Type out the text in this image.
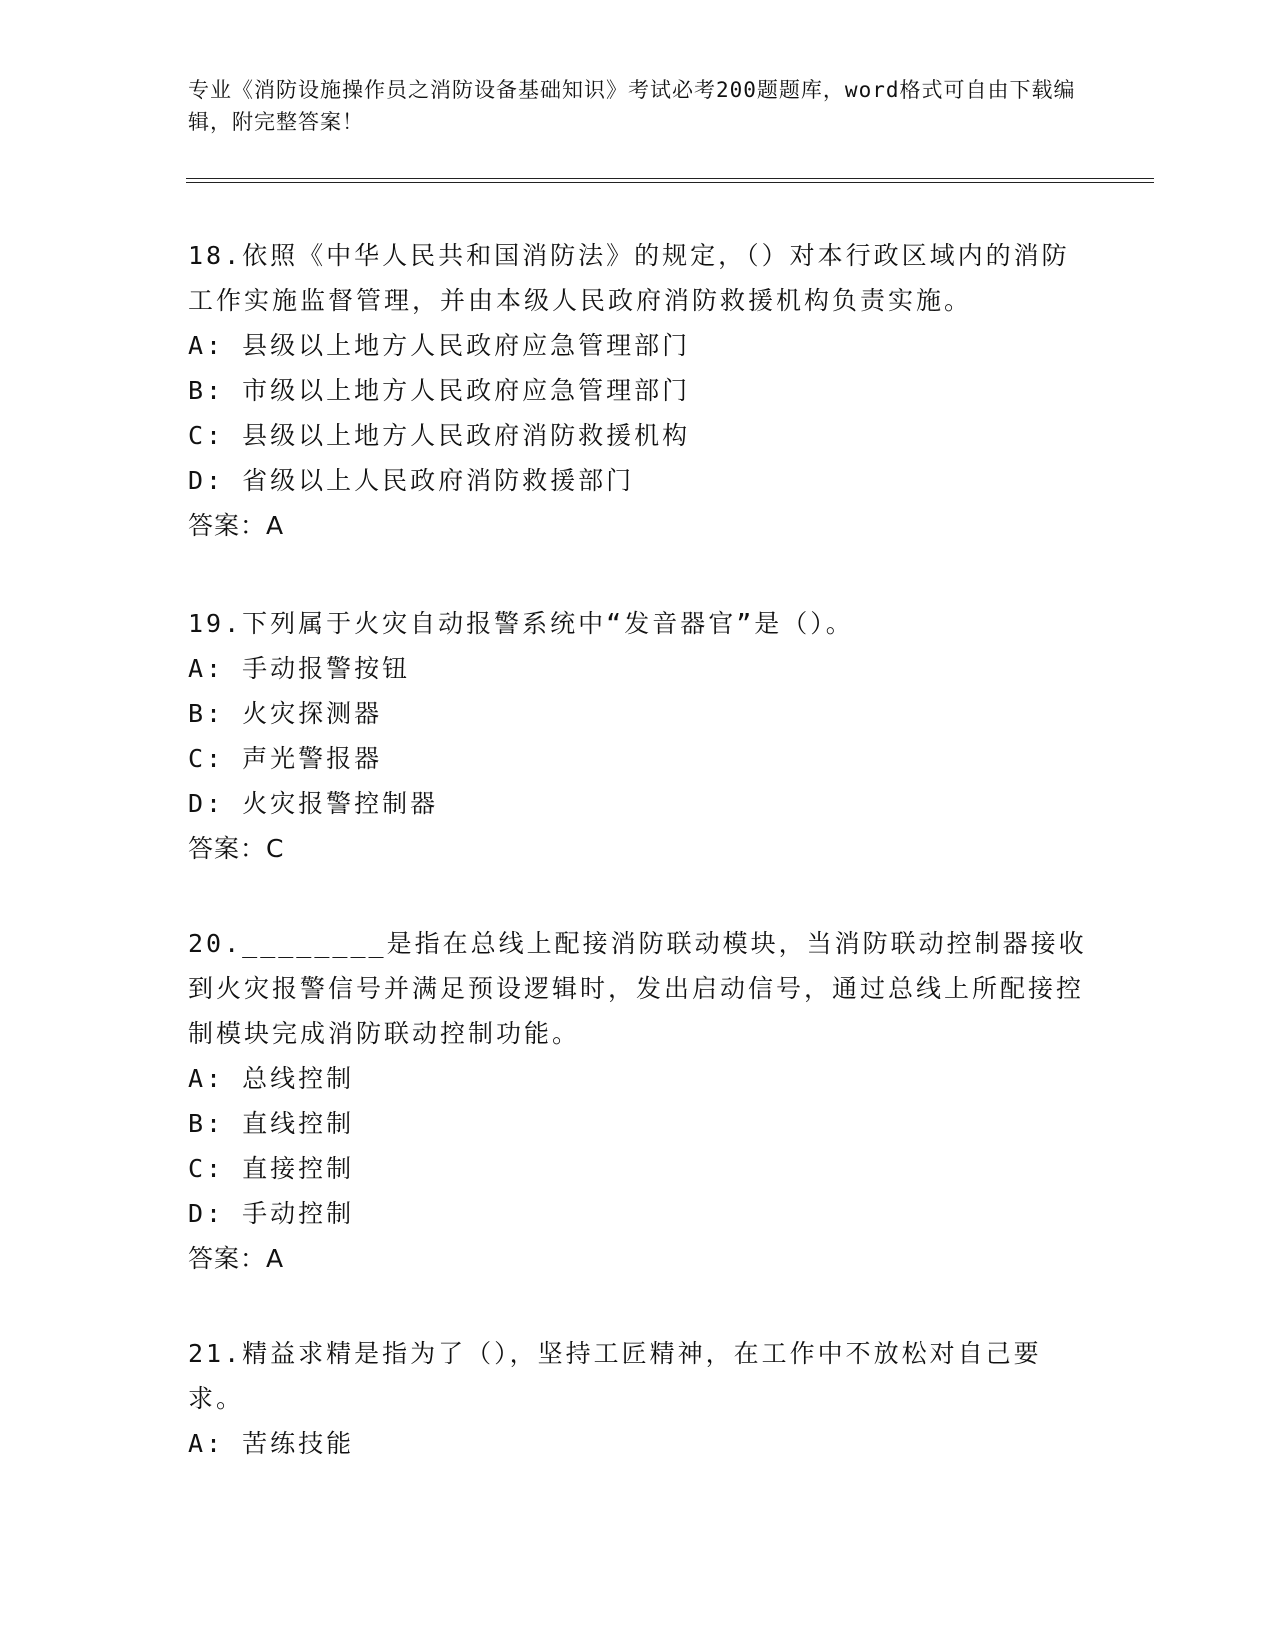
专业《消防设施操作员之消防设备基础知识》考试必考200题题库，word格式可自由下载编辑，附完整答案！

18.依照《中华人民共和国消防法》的规定，（）对本行政区域内的消防工作实施监督管理，并由本级人民政府消防救援机构负责实施。

A: 县级以上地方人民政府应急管理部门

B: 市级以上地方人民政府应急管理部门

C: 县级以上地方人民政府消防救援机构

D: 省级以上人民政府消防救援部门

答案：A

19.下列属于火灾自动报警系统中“发音器官”是（）。

A: 手动报警按钮

B: 火灾探测器

C: 声光警报器

D: 火灾报警控制器

答案：C

20.________是指在总线上配接消防联动模块，当消防联动控制器接收到火灾报警信号并满足预设逻辑时，发出启动信号，通过总线上所配接控制模块完成消防联动控制功能。

A: 总线控制

B: 直线控制

C: 直接控制

D: 手动控制

答案：A

21.精益求精是指为了（），坚持工匠精神，在工作中不放松对自己要求。

A: 苦练技能
